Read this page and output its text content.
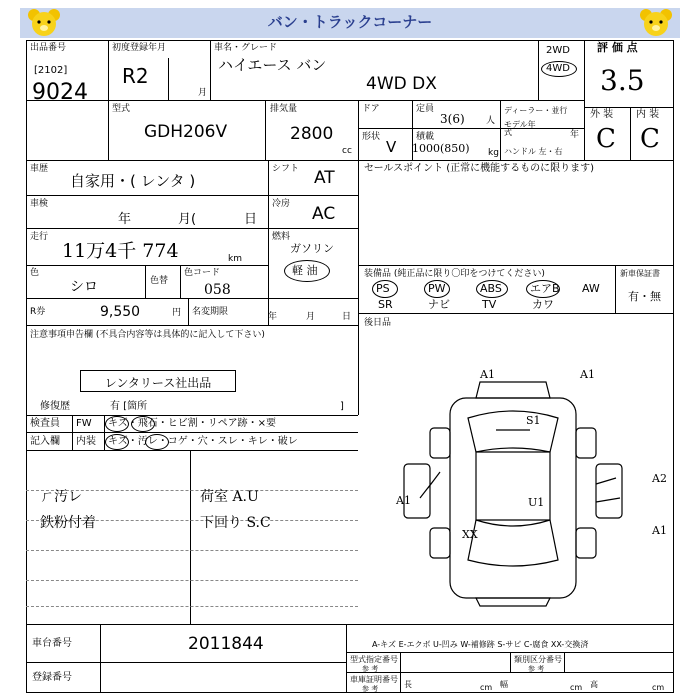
バン・トラックコーナー
出品番号
[2102]
9024
初度登録年月
R2
月
車名・グレード
ハイエース バン
4WD DX
2WD
4WD
評 価 点
3.5
外 装 内 装
C C
型式
GDH206V
排気量
2800
cc
ドア
形状
V
定員
3(6) 人
積載
1000(850) kg
ディーラー・並行
モデル年式	年
ハンドル 左・右
車歴
自家用・( レンタ )
シフト AT	セールスポイント (正常に機能するものに限ります)
車検
年	月(	日
冷房 AC
走行
11万4千 774	km
燃料
ガソリン
軽 油
色
シロ	色替
色コード
058
R券	9,550	円 名変期限	年	月	日
装備品 (純正品に限り〇印をつけてください)
PS	PW	ABS	エアB AW
SR	ナビ	TV	カワ
新車保証書
有・無
後日品
注意事項申告欄 (不具合内容等は具体的に記入して下さい)
レンタリース社出品
修復歴	有 [箇所	]
検査員
記入欄
FW キズ・飛石・ヒビ割・リペア跡・×要
内装 キズ・汚レ・コゲ・穴・スレ・キレ・破レ
ㄏ汚レ
鉄粉付着
荷室 A.U
下回り S.C
A1	A1
S1
A1	U1
A2
XX	A1
車台番号	2011844
登録番号
A-キズ E-エクボ U-凹み W-補修跡 S-サビ C-腐食 XX-交換済
型式指定番号
参 考
類別区分番号
参 考
車庫証明番号
参 考	長	cm 幅	cm 高	cm
